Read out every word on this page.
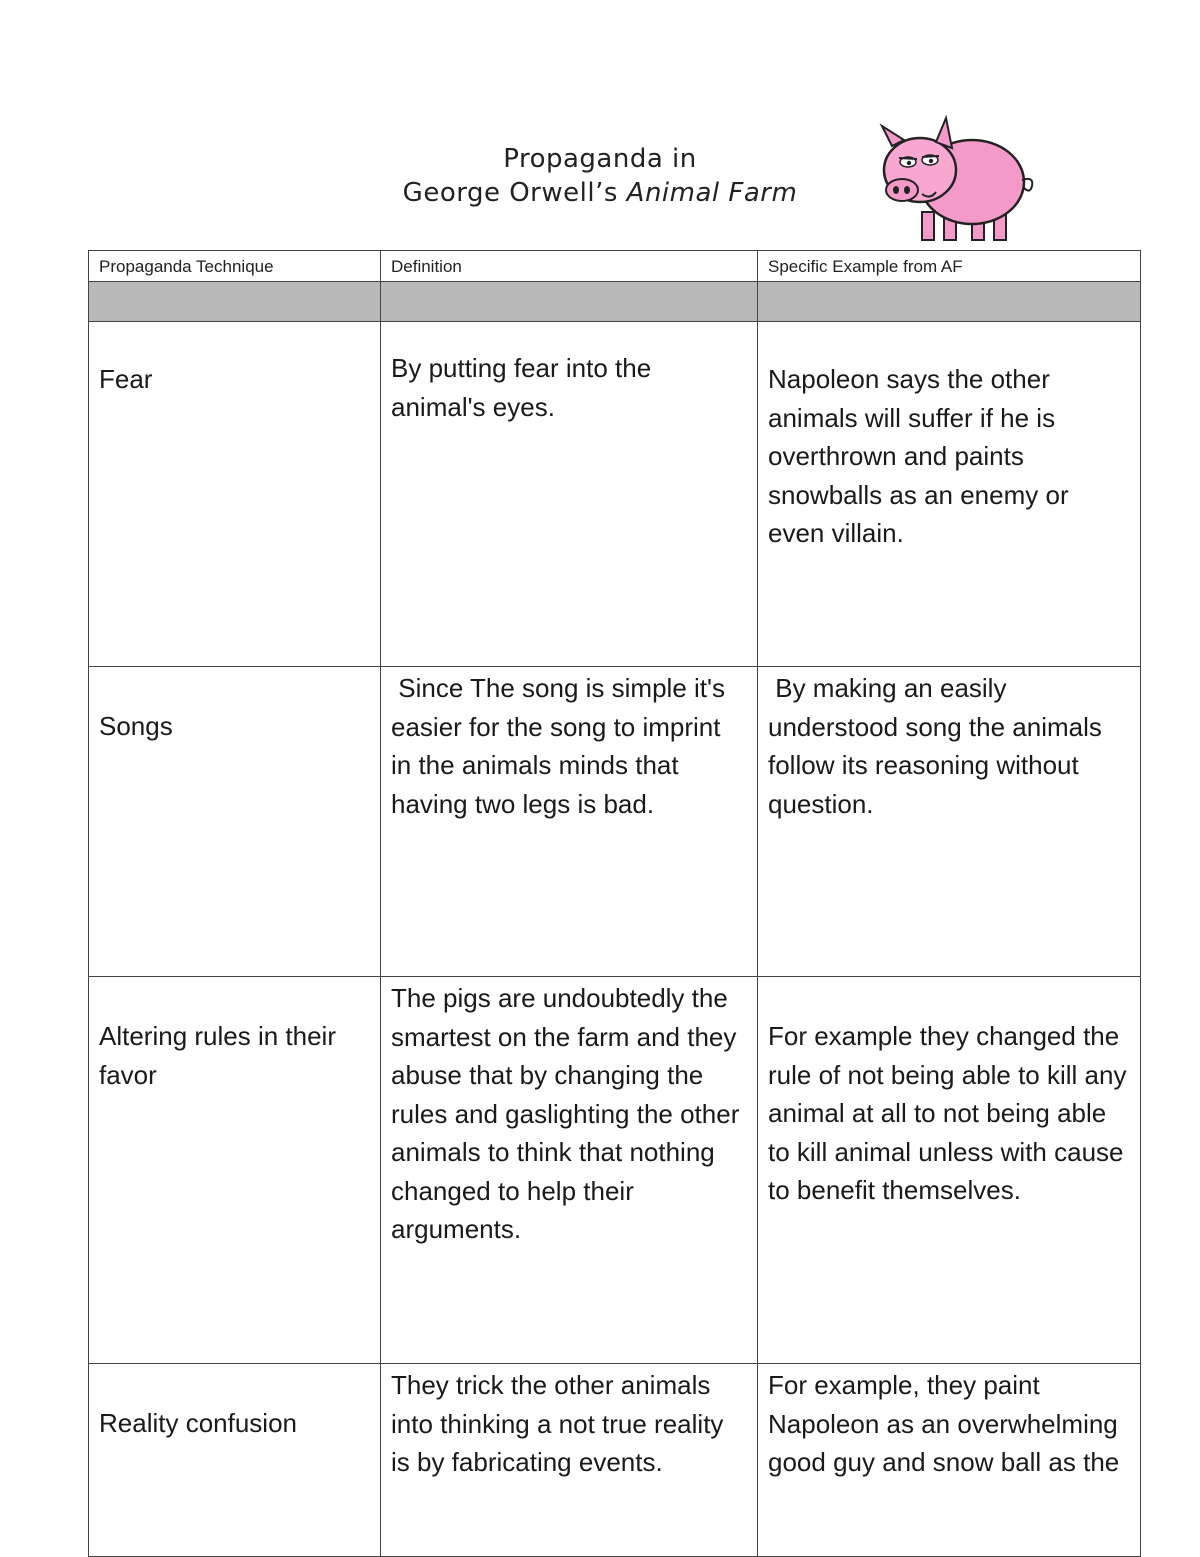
Propaganda in
George Orwell’s Animal Farm
Propaganda Technique	Definition	Specific Example from AF

Fear	By putting fear into the animal's eyes.	Napoleon says the other animals will suffer if he is overthrown and paints snowballs as an enemy or even villain.
Songs	Since The song is simple it's easier for the song to imprint in the animals minds that having two legs is bad.	By making an easily understood song the animals follow its reasoning without question.
Altering rules in their favor	The pigs are undoubtedly the smartest on the farm and they abuse that by changing the rules and gaslighting the other animals to think that nothing changed to help their arguments.	For example they changed the rule of not being able to kill any animal at all to not being able to kill animal unless with cause to benefit themselves.
Reality confusion	They trick the other animals into thinking a not true reality is by fabricating events.	For example, they paint Napoleon as an overwhelming good guy and snow ball as the
